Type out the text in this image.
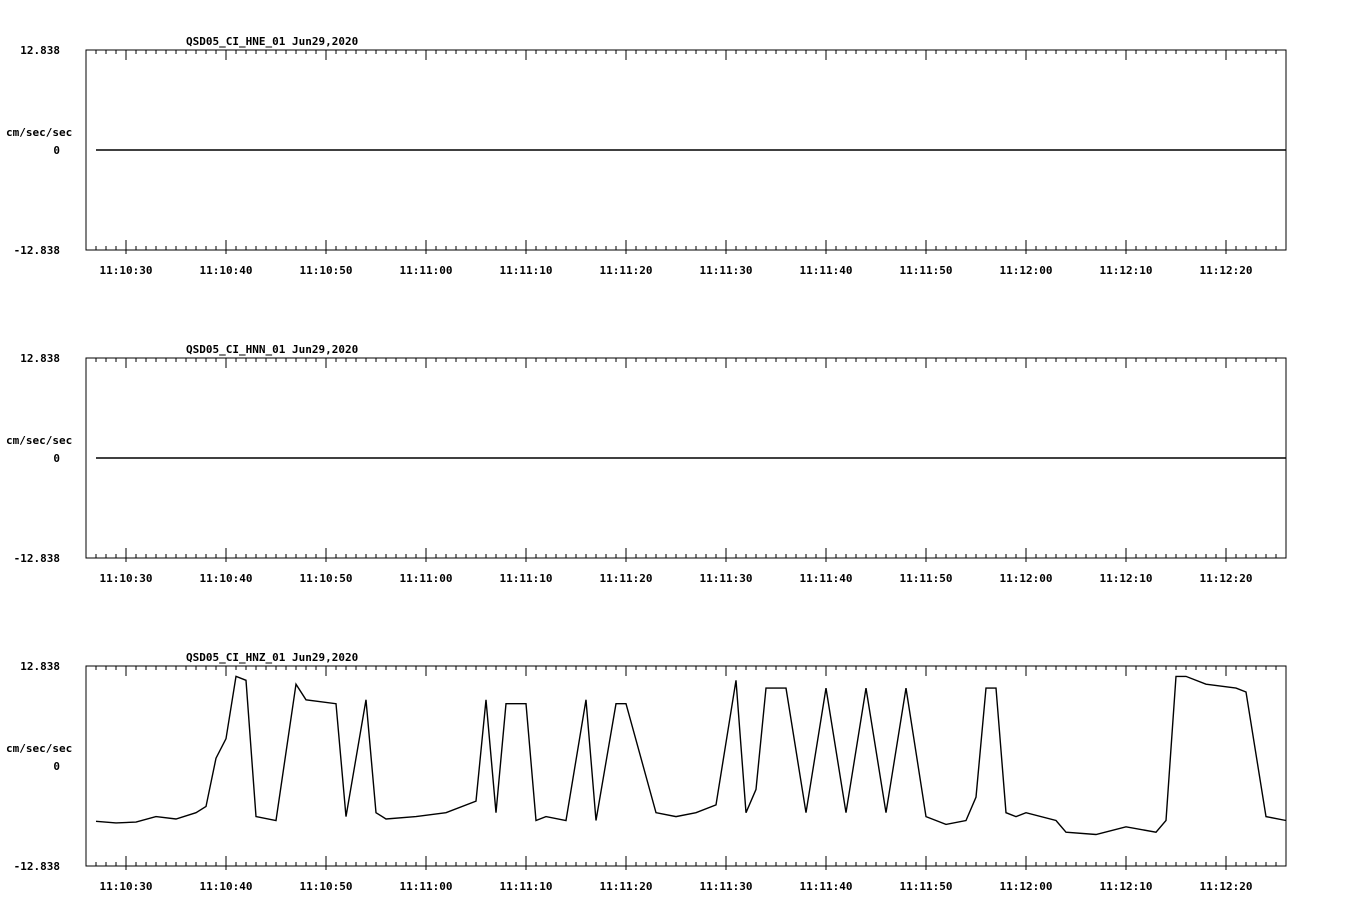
QSD05_CI_HNE_01 Jun29,2020
cm/sec/sec
12.838
0
-12.838
11:10:30	11:10:40	11:10:50	11:11:00	11:11:10	11:11:20	11:11:30	11:11:40	11:11:50	11:12:00	11:12:10	11:12:20
QSD05_CI_HNN_01 Jun29,2020
cm/sec/sec
12.838
0
-12.838
11:10:30	11:10:40	11:10:50	11:11:00	11:11:10	11:11:20	11:11:30	11:11:40	11:11:50	11:12:00	11:12:10	11:12:20
QSD05_CI_HNZ_01 Jun29,2020
cm/sec/sec
12.838
0
-12.838
11:10:30	11:10:40	11:10:50	11:11:00	11:11:10	11:11:20	11:11:30	11:11:40	11:11:50	11:12:00	11:12:10	11:12:20
